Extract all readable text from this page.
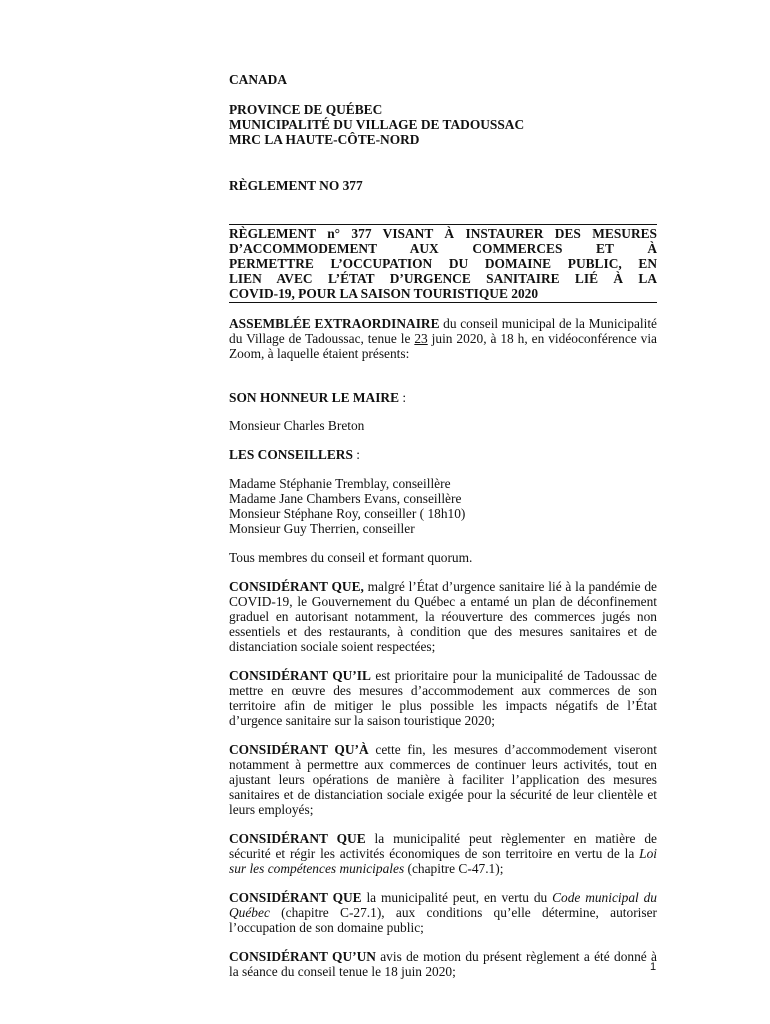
CANADA
PROVINCE DE QUÉBEC
MUNICIPALITÉ DU VILLAGE DE TADOUSSAC
MRC LA HAUTE-CÔTE-NORD
RÈGLEMENT NO 377
RÈGLEMENT n° 377 VISANT À INSTAURER DES MESURES
D’ACCOMMODEMENT AUX COMMERCES ET À
PERMETTRE L’OCCUPATION DU DOMAINE PUBLIC, EN
LIEN AVEC L’ÉTAT D’URGENCE SANITAIRE LIÉ À LA
COVID-19, POUR LA SAISON TOURISTIQUE 2020

ASSEMBLÉE EXTRAORDINAIRE du conseil municipal de la Municipalité du Village de Tadoussac, tenue le 23 juin 2020, à 18 h, en vidéoconférence via Zoom, à laquelle étaient présents:

SON HONNEUR LE MAIRE :

Monsieur Charles Breton

LES CONSEILLERS :

Madame Stéphanie Tremblay, conseillère
Madame Jane Chambers Evans, conseillère
Monsieur Stéphane Roy, conseiller ( 18h10)
Monsieur Guy Therrien, conseiller

Tous membres du conseil et formant quorum.

CONSIDÉRANT QUE, malgré l’État d’urgence sanitaire lié à la pandémie de COVID-19, le Gouvernement du Québec a entamé un plan de déconfinement graduel en autorisant notamment, la réouverture des commerces jugés non essentiels et des restaurants, à condition que des mesures sanitaires et de distanciation sociale soient respectées;

CONSIDÉRANT QU’IL est prioritaire pour la municipalité de Tadoussac de mettre en œuvre des mesures d’accommodement aux commerces de son territoire afin de mitiger le plus possible les impacts négatifs de l’État d’urgence sanitaire sur la saison touristique 2020;

CONSIDÉRANT QU’À cette fin, les mesures d’accommodement viseront notamment à permettre aux commerces de continuer leurs activités, tout en ajustant leurs opérations de manière à faciliter l’application des mesures sanitaires et de distanciation sociale exigée pour la sécurité de leur clientèle et leurs employés;

CONSIDÉRANT QUE la municipalité peut règlementer en matière de sécurité et régir les activités économiques de son territoire en vertu de la Loi sur les compétences municipales (chapitre C-47.1);

CONSIDÉRANT QUE la municipalité peut, en vertu du Code municipal du Québec (chapitre C-27.1), aux conditions qu’elle détermine, autoriser l’occupation de son domaine public;

CONSIDÉRANT QU’UN avis de motion du présent règlement a été donné à la séance du conseil tenue le 18 juin 2020;	1
